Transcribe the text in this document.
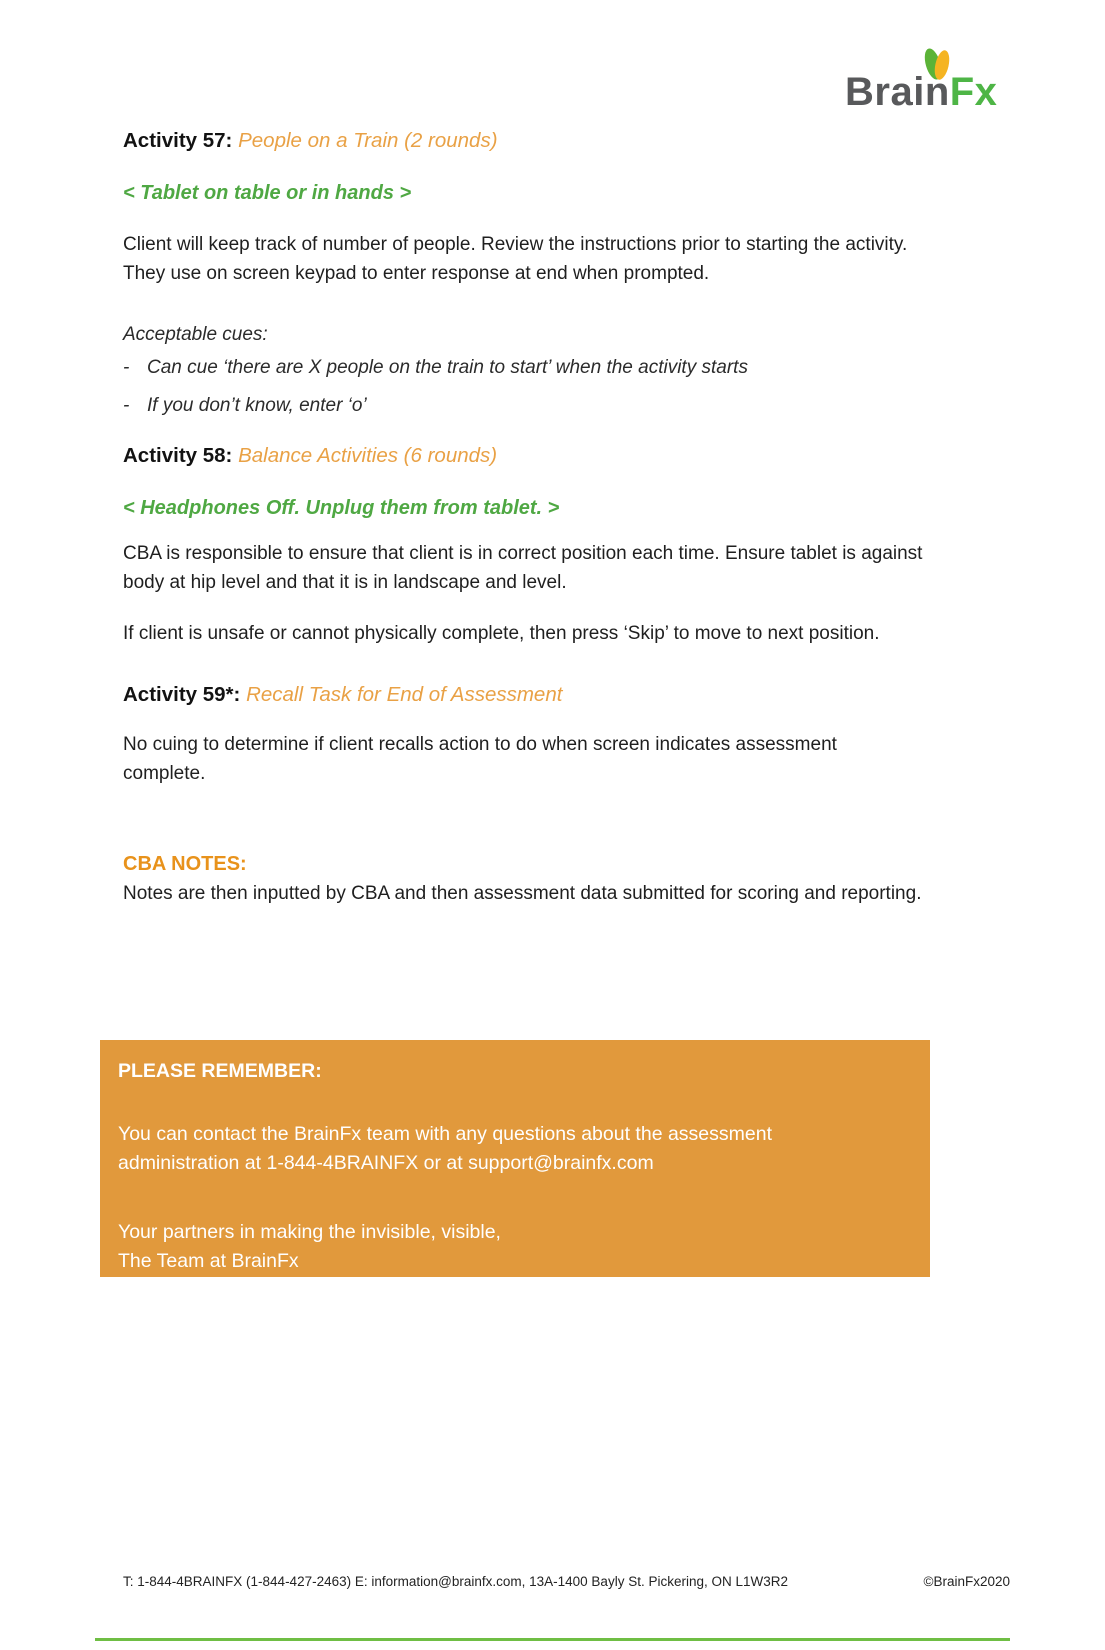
BrainFx
Activity 57: People on a Train (2 rounds)
< Tablet on table or in hands >
Client will keep track of number of people. Review the instructions prior to starting the activity. They use on screen keypad to enter response at end when prompted.
Acceptable cues:
- Can cue ‘there are X people on the train to start’ when the activity starts
- If you don’t know, enter ‘o’
Activity 58: Balance Activities (6 rounds)
< Headphones Off. Unplug them from tablet. >
CBA is responsible to ensure that client is in correct position each time. Ensure tablet is against body at hip level and that it is in landscape and level.
If client is unsafe or cannot physically complete, then press ‘Skip’ to move to next position.
Activity 59*: Recall Task for End of Assessment
No cuing to determine if client recalls action to do when screen indicates assessment complete.
CBA NOTES:
Notes are then inputted by CBA and then assessment data submitted for scoring and reporting.
PLEASE REMEMBER:
You can contact the BrainFx team with any questions about the assessment administration at 1-844-4BRAINFX or at support@brainfx.com
Your partners in making the invisible, visible,
The Team at BrainFx
T: 1-844-4BRAINFX (1-844-427-2463) E: information@brainfx.com, 13A-1400 Bayly St. Pickering, ON L1W3R2	©BrainFx2020
